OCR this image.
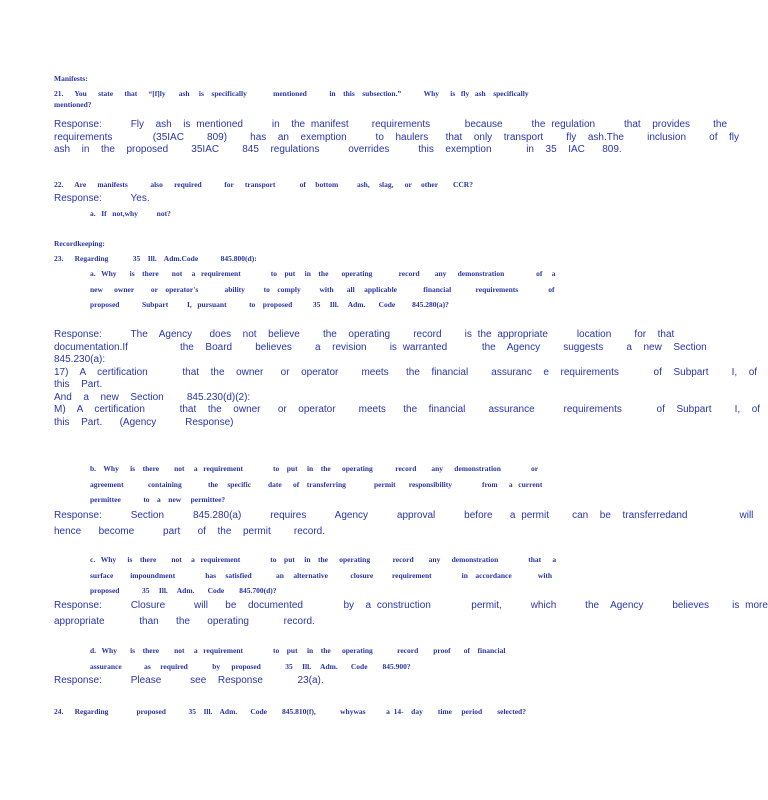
Manifests:
21.      You      state      that      “[f]ly       ash     is    specifically              mentioned            in    this    subsection.”            Why      is   fly   ash    specifically
mentioned?
Response:     Fly  ash  is mentioned     in  the manifest    requirements      because     the regulation     that  provides    the
requirements       (35IAC    809)    has  an  exemption     to  haulers   that  only  transport    fly  ash.The    inclusion    of  fly
ash  in  the  proposed    35IAC    845  regulations     overrides     this  exemption      in  35  IAC   809.
22.      Are      manifests            also      required            for      transport             of     bottom          ash,     slag,      or     other        CCR?
Response:     Yes.
a.   If   not,why          not?
Recordkeeping:
23.      Regarding             35    Ill.    Adm.Code            845.800(d):
a.   Why       is    there       not     a   requirement                to    put     in    the       operating              record        any      demonstration                 of     a
new      owner         or    operator's              ability          to    comply          with       all     applicable              financial             requirements                of
proposed            Subpart          I,   pursuant            to    proposed           35     Ill.     Adm.       Code         845.280(a)?
Response:     The  Agency   does  not  believe    the  operating    record    is the appropriate     location    for  that
documentation.If         the  Board    believes    a  revision    is warranted      the  Agency    suggests    a  new  Section
845.230(a):
17)  A  certification      that  the  owner   or  operator    meets   the  financial    assuranc  e  requirements      of  Subpart    I,  of
this  Part.
And  a  new  Section    845.230(d)(2):
M)  A  certification      that  the  owner   or  operator    meets   the  financial    assurance     requirements      of  Subpart    I,  of
this  Part.   (Agency     Response)
b.    Why      is    there        not     a   requirement                to    put     in    the      operating            record        any      demonstration                or
agreement             containing              the     specific         date      of    transferring               permit       responsibility                from      a   current
permittee            to    a    new     permittee?
Response:     Section     845.280(a)     requires     Agency     approval     before   a permit    can  be  transferredand         will
hence   become     part   of  the  permit    record.
c.   Why      is    there        not     a   requirement                to    put     in    the      operating            record        any      demonstration                that      a
surface         impoundment                has     satisfied             an     alternative            closure          requirement                in    accordance              with
proposed            35     Ill.     Adm.       Code        845.700(d)?
Response:     Closure     will   be  documented       by  a construction       permit,     which     the  Agency     believes    is more
appropriate      than   the   operating      record.
d.   Why       is    there        not     a   requirement                to    put     in    the      operating             record        proof       of    financial
assurance            as     required             by      proposed             35     Ill.     Adm.       Code        845.900?
Response:     Please     see  Response      23(a).
24.      Regarding               proposed            35    Ill.    Adm.       Code        845.810(f),             whywas           a  14-    day        time     period        selected?
